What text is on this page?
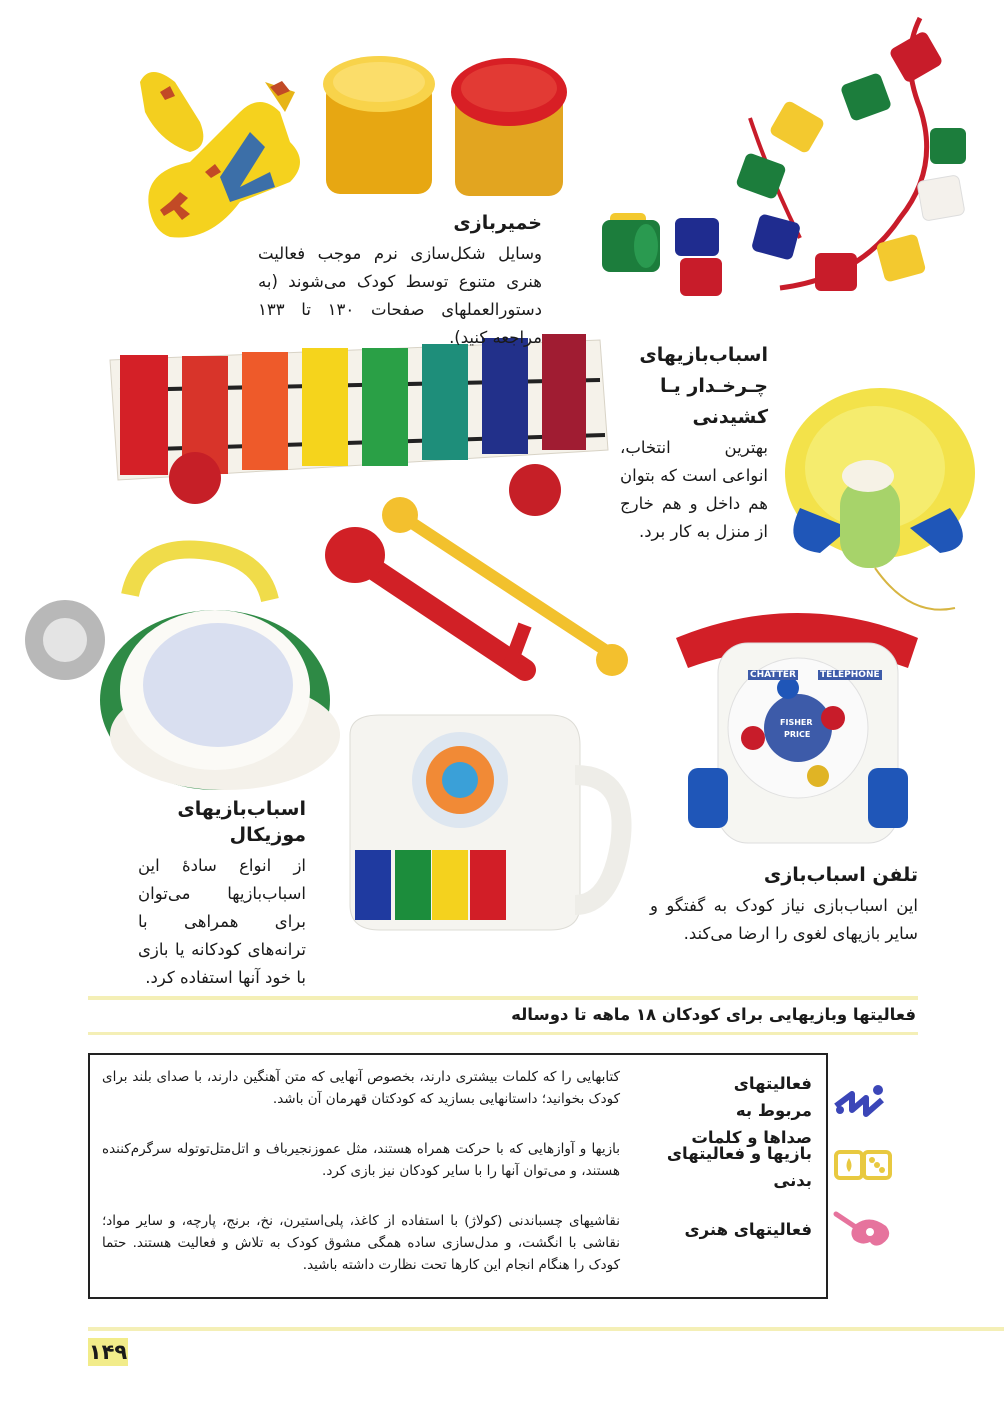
CHATTER	TELEPHONE
FISHER
PRICE
خمیربازی
وسایل شکل‌سازی نرم موجب فعالیت هنری متنوع توسط کودک می‌شوند (به دستورالعملهای صفحات ۱۳۰ تا ۱۳۳ مراجعه کنید).
اسباب‌بازیهای
چـرخـدار یـا
کشیدنی
بهترین انتخاب، انواعی است که بتوان هم داخل و هم خارج از منزل به کار برد.
اسباب‌بازیهای موزیکال
از انواع سادهٔ این اسباب‌بازیها می‌توان برای همراهی با ترانه‌های کودکانه یا بازی با خود آنها استفاده کرد.
تلفن اسباب‌بازی
این اسباب‌بازی نیاز کودک به گفتگو و سایر بازیهای لغوی را ارضا می‌کند.
فعالیتها وبازیهایی برای کودکان ۱۸ ماهه تا دوساله
فعالیتهای مربوط به صداها و کلمات
بازیها و فعالیتهای بدنی
فعالیتهای هنری
کتابهایی را که کلمات بیشتری دارند، بخصوص آنهایی که متن آهنگین دارند، با صدای بلند برای کودک بخوانید؛ داستانهایی بسازید که کودکتان قهرمان آن باشد.
بازیها و آوازهایی که با حرکت همراه هستند، مثل عموزنجیرباف و اتل‌متل‌توتوله سرگرم‌کننده هستند، و می‌توان آنها را با سایر کودکان نیز بازی کرد.
نقاشیهای چسباندنی (کولاژ) با استفاده از کاغذ، پلی‌استیرن، نخ، برنج، پارچه، و سایر مواد؛ نقاشی با انگشت، و مدل‌سازی ساده همگی مشوق کودک به تلاش و فعالیت هستند. حتما کودک را هنگام انجام این کارها تحت نظارت داشته باشید.
۱۴۹
